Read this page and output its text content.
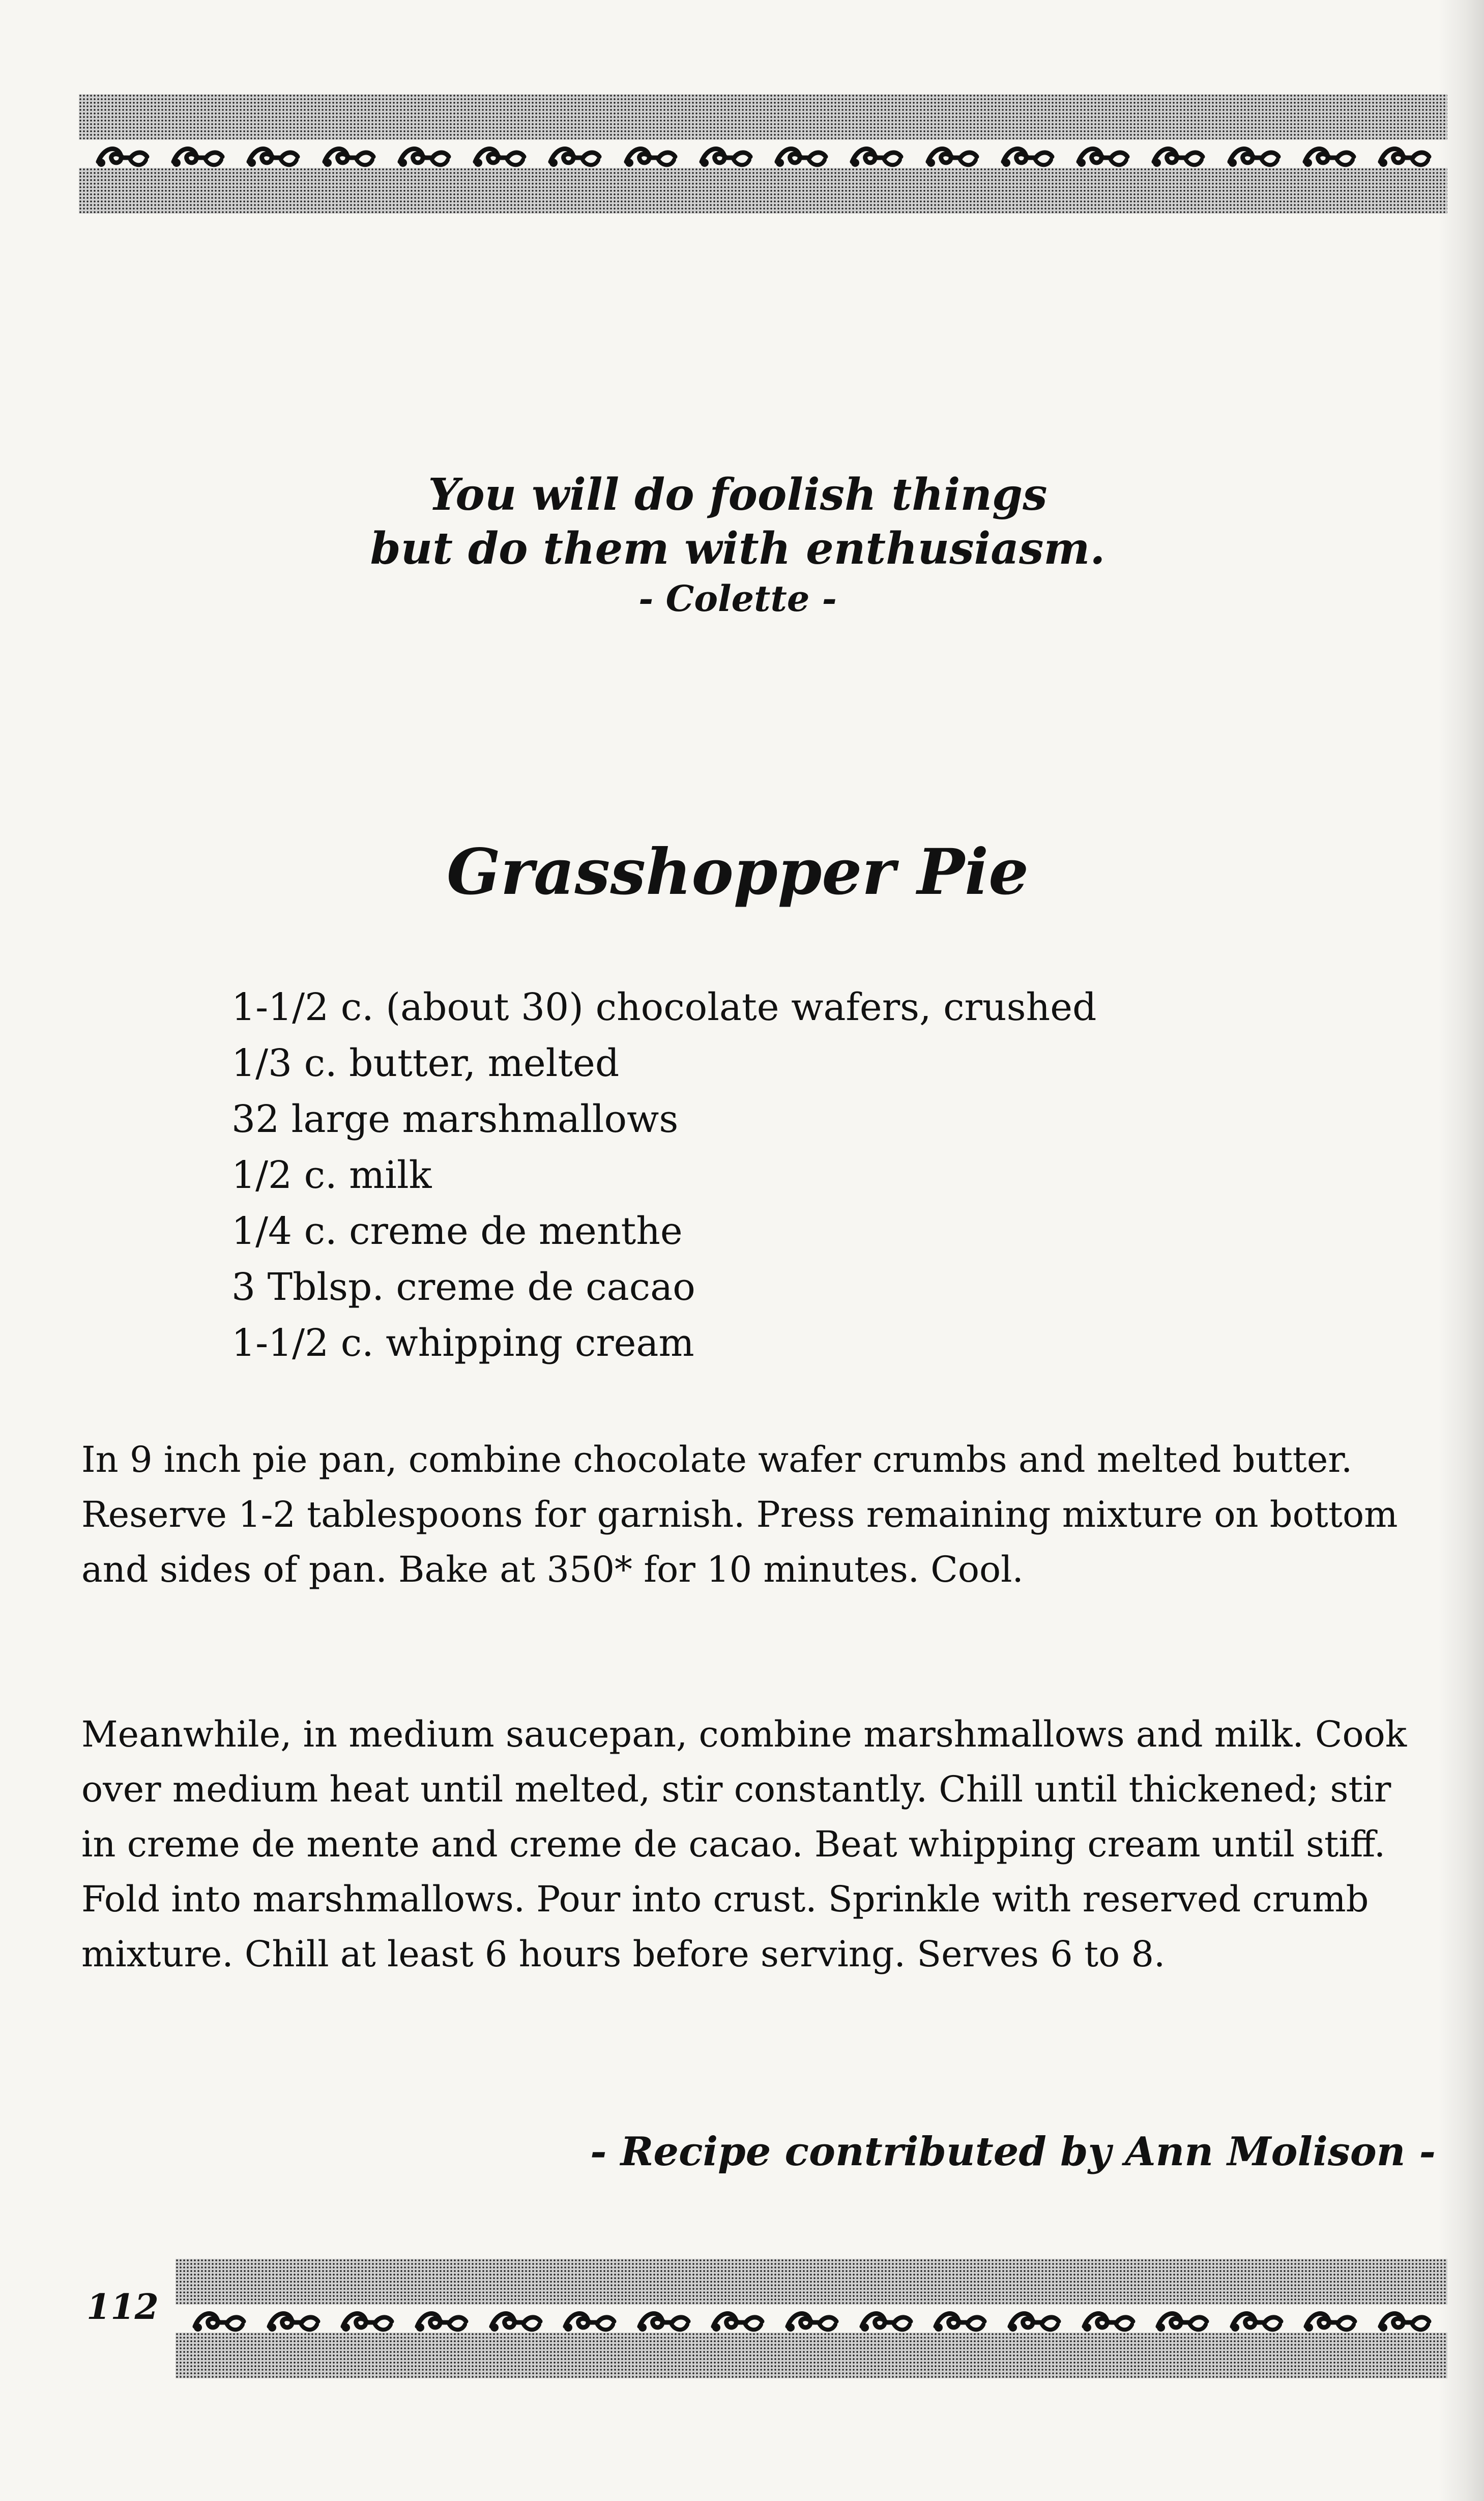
You will do foolish things
but do them with enthusiasm.
- Colette -
Grasshopper Pie
1-1/2 c. (about 30) chocolate wafers, crushed
1/3 c. butter, melted
32 large marshmallows
1/2 c. milk
1/4 c. creme de menthe
3 Tblsp. creme de cacao
1-1/2 c. whipping cream

In 9 inch pie pan, combine chocolate wafer crumbs and melted butter. Reserve 1-2 tablespoons for garnish. Press remaining mixture on bottom and sides of pan. Bake at 350* for 10 minutes. Cool.

Meanwhile, in medium saucepan, combine marshmallows and milk. Cook over medium heat until melted, stir constantly. Chill until thickened; stir in creme de mente and creme de cacao. Beat whipping cream until stiff. Fold into marshmallows. Pour into crust. Sprinkle with reserved crumb mixture. Chill at least 6 hours before serving. Serves 6 to 8.

- Recipe contributed by Ann Molison -
112
